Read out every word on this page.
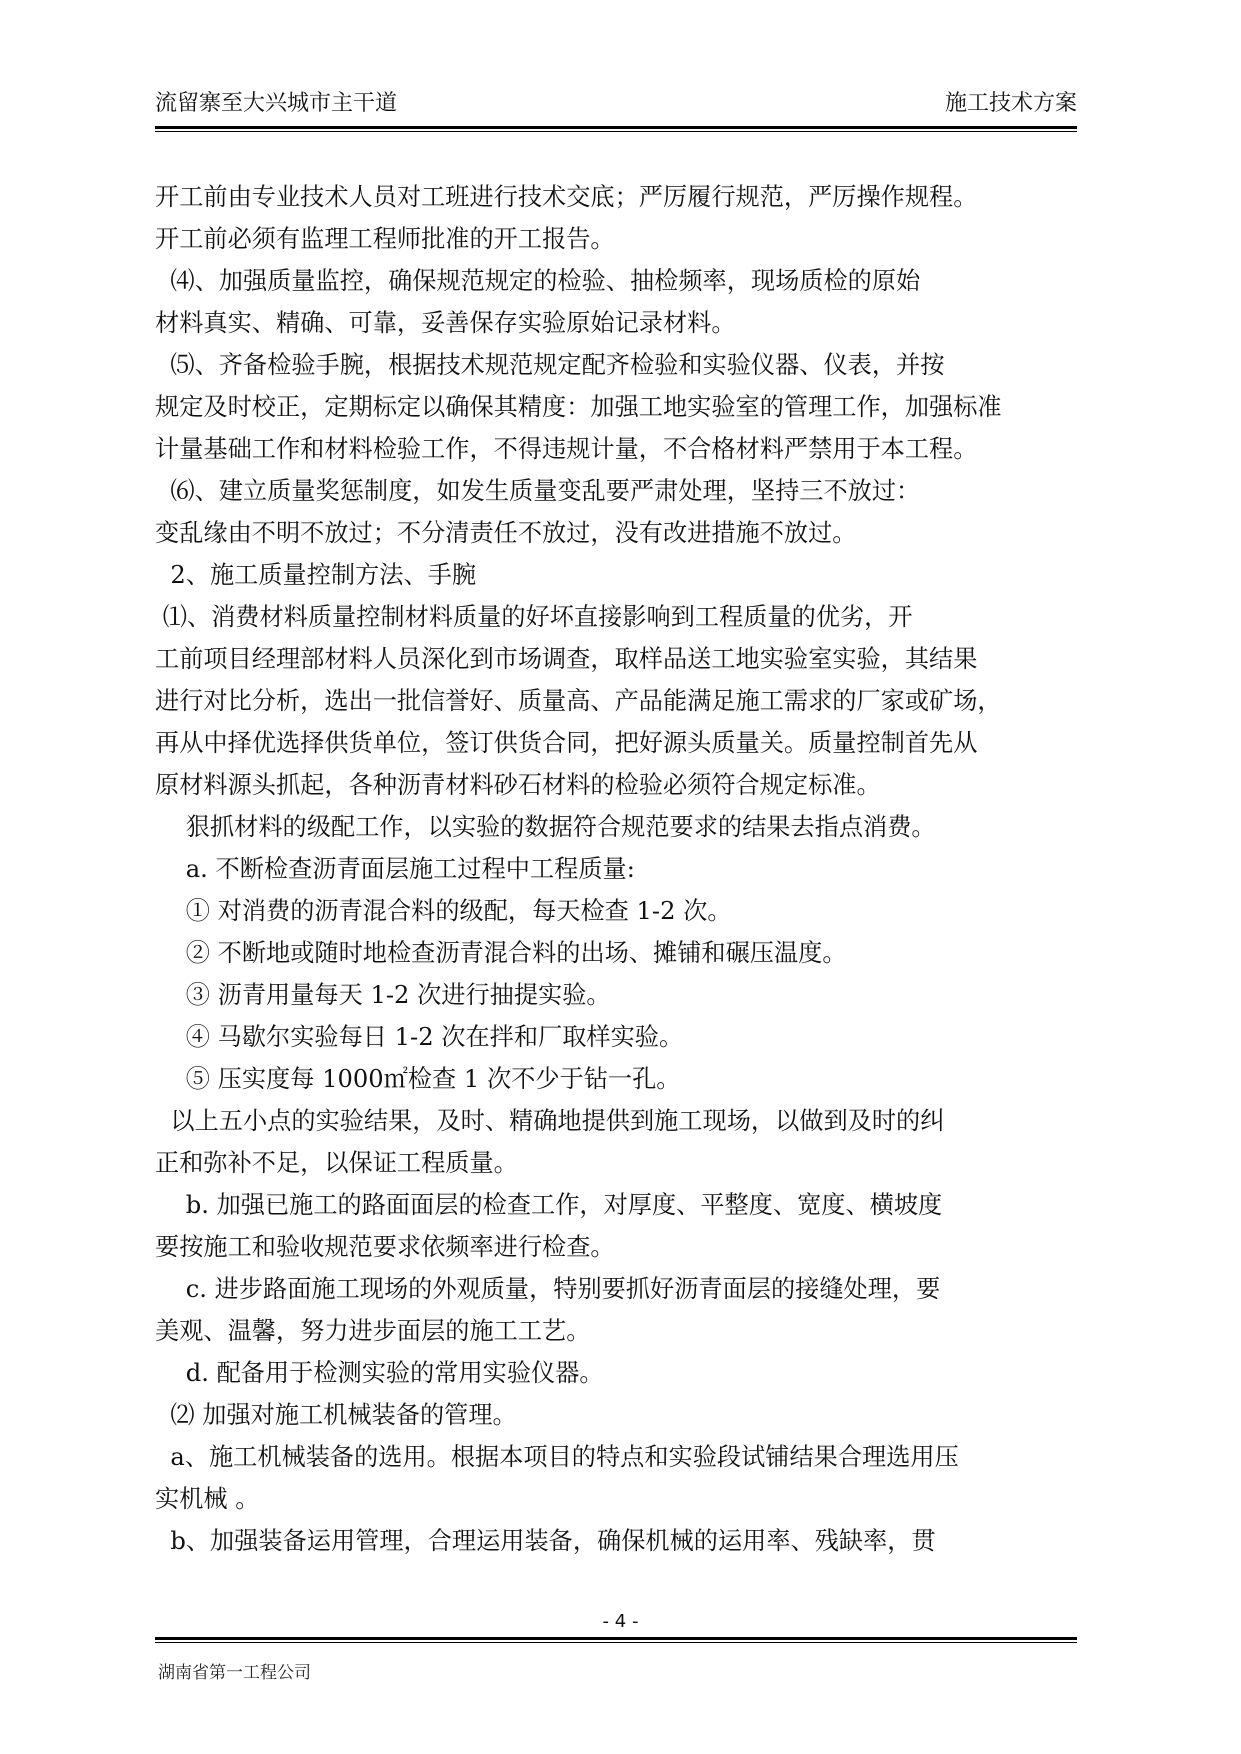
流留寨至大兴城市主干道	施工技术方案
开工前由专业技术人员对工班进行技术交底；严厉履行规范，严厉操作规程。
开工前必须有监理工程师批准的开工报告。
⑷、加强质量监控，确保规范规定的检验、抽检频率，现场质检的原始
材料真实、精确、可靠，妥善保存实验原始记录材料。
⑸、齐备检验手腕，根据技术规范规定配齐检验和实验仪器、仪表，并按
规定及时校正，定期标定以确保其精度：加强工地实验室的管理工作，加强标准
计量基础工作和材料检验工作，不得违规计量，不合格材料严禁用于本工程。
⑹、建立质量奖惩制度，如发生质量变乱要严肃处理，坚持三不放过：
变乱缘由不明不放过；不分清责任不放过，没有改进措施不放过。
2、施工质量控制方法、手腕
⑴、消费材料质量控制材料质量的好坏直接影响到工程质量的优劣，开
工前项目经理部材料人员深化到市场调查，取样品送工地实验室实验，其结果
进行对比分析，选出一批信誉好、质量高、产品能满足施工需求的厂家或矿场，
再从中择优选择供货单位，签订供货合同，把好源头质量关。质量控制首先从
原材料源头抓起，各种沥青材料砂石材料的检验必须符合规定标准。
狠抓材料的级配工作，以实验的数据符合规范要求的结果去指点消费。
a. 不断检查沥青面层施工过程中工程质量:
① 对消费的沥青混合料的级配，每天检查 1-2 次。
② 不断地或随时地检查沥青混合料的出场、摊铺和碾压温度。
③ 沥青用量每天 1-2 次进行抽提实验。
④ 马歇尔实验每日 1-2 次在拌和厂取样实验。
⑤ 压实度每 1000㎡检查 1 次不少于钻一孔。
以上五小点的实验结果，及时、精确地提供到施工现场，以做到及时的纠
正和弥补不足，以保证工程质量。
b. 加强已施工的路面面层的检查工作，对厚度、平整度、宽度、横坡度
要按施工和验收规范要求依频率进行检查。
c. 进步路面施工现场的外观质量，特别要抓好沥青面层的接缝处理，要
美观、温馨，努力进步面层的施工工艺。
d. 配备用于检测实验的常用实验仪器。
⑵ 加强对施工机械装备的管理。
a、施工机械装备的选用。根据本项目的特点和实验段试铺结果合理选用压
实机械 。
b、加强装备运用管理，合理运用装备，确保机械的运用率、残缺率，贯
- 4 -
湖南省第一工程公司
